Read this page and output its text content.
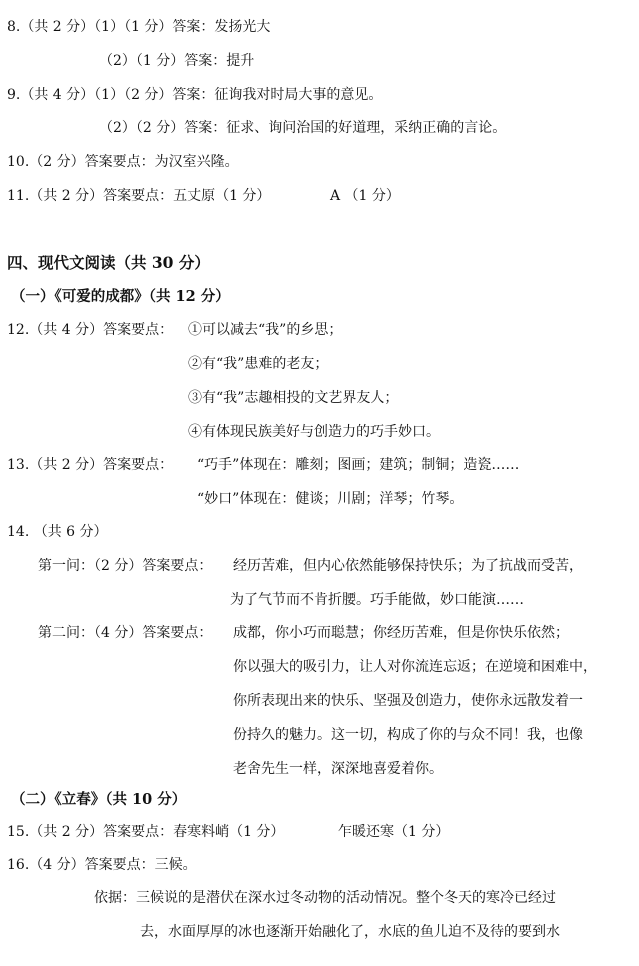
8.（共 2 分）（1）（1 分）答案：发扬光大
（2）（1 分）答案：提升
9.（共 4 分）（1）（2 分）答案：征询我对时局大事的意见。
（2）（2 分）答案：征求、询问治国的好道理，采纳正确的言论。
10.（2 分）答案要点：为汉室兴隆。
11.（共 2 分）答案要点：五丈原（1 分）	A （1 分）
四、现代文阅读（共 30 分）
（一）《可爱的成都》（共 12 分）
12.（共 4 分）答案要点： ①可以减去“我”的乡思；
②有“我”患难的老友；
③有“我”志趣相投的文艺界友人；
④有体现民族美好与创造力的巧手妙口。
13.（共 2 分）答案要点： “巧手”体现在：雕刻；图画；建筑；制铜；造瓷……
“妙口”体现在：健谈；川剧；洋琴；竹琴。
14. （共 6 分）
第一问：（2 分）答案要点： 经历苦难，但内心依然能够保持快乐；为了抗战而受苦，
为了气节而不肯折腰。巧手能做，妙口能演……
第二问：（4 分）答案要点： 成都，你小巧而聪慧；你经历苦难，但是你快乐依然；
你以强大的吸引力，让人对你流连忘返；在逆境和困难中，
你所表现出来的快乐、坚强及创造力，使你永远散发着一
份持久的魅力。这一切，构成了你的与众不同！我，也像
老舍先生一样，深深地喜爱着你。
（二）《立春》（共 10 分）
15.（共 2 分）答案要点：春寒料峭（1 分）	乍暖还寒（1 分）
16.（4 分）答案要点：三候。
依据：三候说的是潜伏在深水过冬动物的活动情况。整个冬天的寒冷已经过
去，水面厚厚的冰也逐渐开始融化了，水底的鱼儿迫不及待的要到水
